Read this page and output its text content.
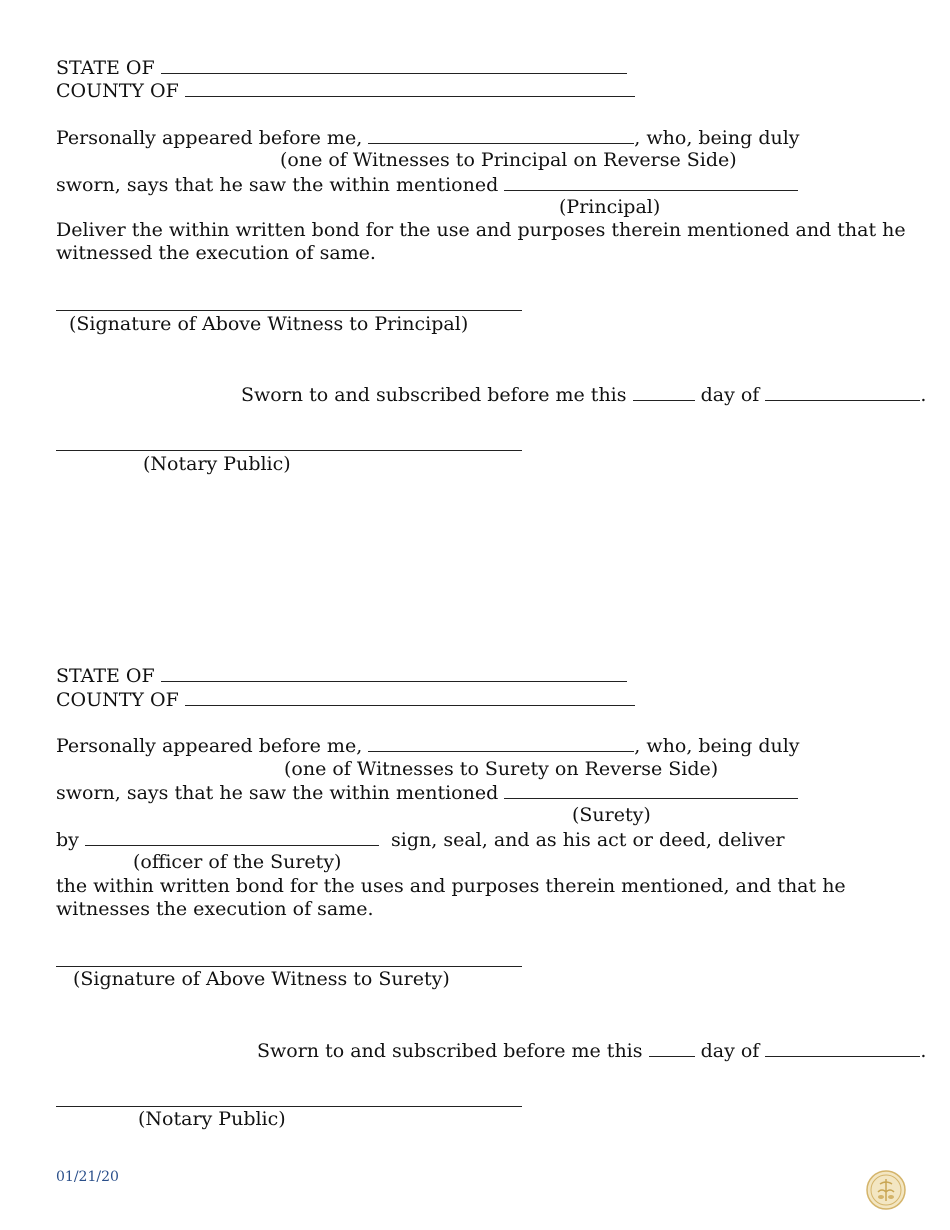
STATE OF
COUNTY OF
Personally appeared before me,	, who, being duly
(one of Witnesses to Principal on Reverse Side)
sworn, says that he saw the within mentioned
(Principal)
Deliver the within written bond for the use and purposes therein mentioned and that he
witnessed the execution of same.
(Signature of Above Witness to Principal)
Sworn to and subscribed before me this	day of	.
(Notary Public)
STATE OF
COUNTY OF
Personally appeared before me,	, who, being duly
(one of Witnesses to Surety on Reverse Side)
sworn, says that he saw the within mentioned
(Surety)
by	sign, seal, and as his act or deed, deliver
(officer of the Surety)
the within written bond for the uses and purposes therein mentioned, and that he
witnesses the execution of same.
(Signature of Above Witness to Surety)
Sworn to and subscribed before me this	day of	.
(Notary Public)
01/21/20
